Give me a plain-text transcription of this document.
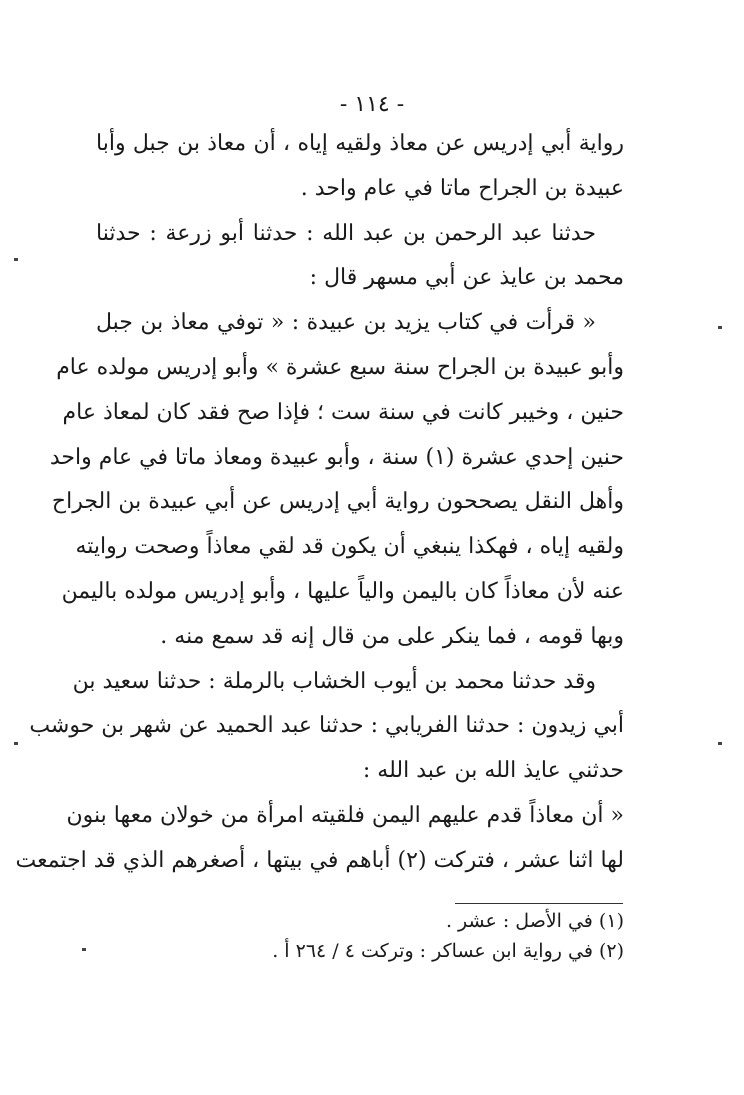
- ١١٤ -
رواية أبي إدريس عن معاذ ولقيه إياه ، أن معاذ بن جبل وأبا
عبيدة بن الجراح ماتا في عام واحد .
حدثنا عبد الرحمن بن عبد الله : حدثنا أبو زرعة : حدثنا
محمد بن عايذ عن أبي مسهر قال :
« قرأت في كتاب يزيد بن عبيدة : « توفي معاذ بن جبل
وأبو عبيدة بن الجراح سنة سبع عشرة » وأبو إدريس مولده عام
حنين ، وخيبر كانت في سنة ست ؛ فإذا صح فقد كان لمعاذ عام
حنين إحدي عشرة (١) سنة ، وأبو عبيدة ومعاذ ماتا في عام واحد
وأهل النقل يصححون رواية أبي إدريس عن أبي عبيدة بن الجراح
ولقيه إياه ، فهكذا ينبغي أن يكون قد لقي معاذاً وصحت روايته
عنه لأن معاذاً كان باليمن والياً عليها ، وأبو إدريس مولده باليمن
وبها قومه ، فما ينكر على من قال إنه قد سمع منه .
وقد حدثنا محمد بن أيوب الخشاب بالرملة : حدثنا سعيد بن
أبي زيدون : حدثنا الفريابي : حدثنا عبد الحميد عن شهر بن حوشب
حدثني عايذ الله بن عبد الله :
« أن معاذاً قدم عليهم اليمن فلقيته امرأة من خولان معها بنون
لها اثنا عشر ، فتركت (٢) أباهم في بيتها ، أصغرهم الذي قد اجتمعت
(١) في الأصل : عشر .
(٢) في رواية ابن عساكر : وتركت ٤ / ٢٦٤ أ .
